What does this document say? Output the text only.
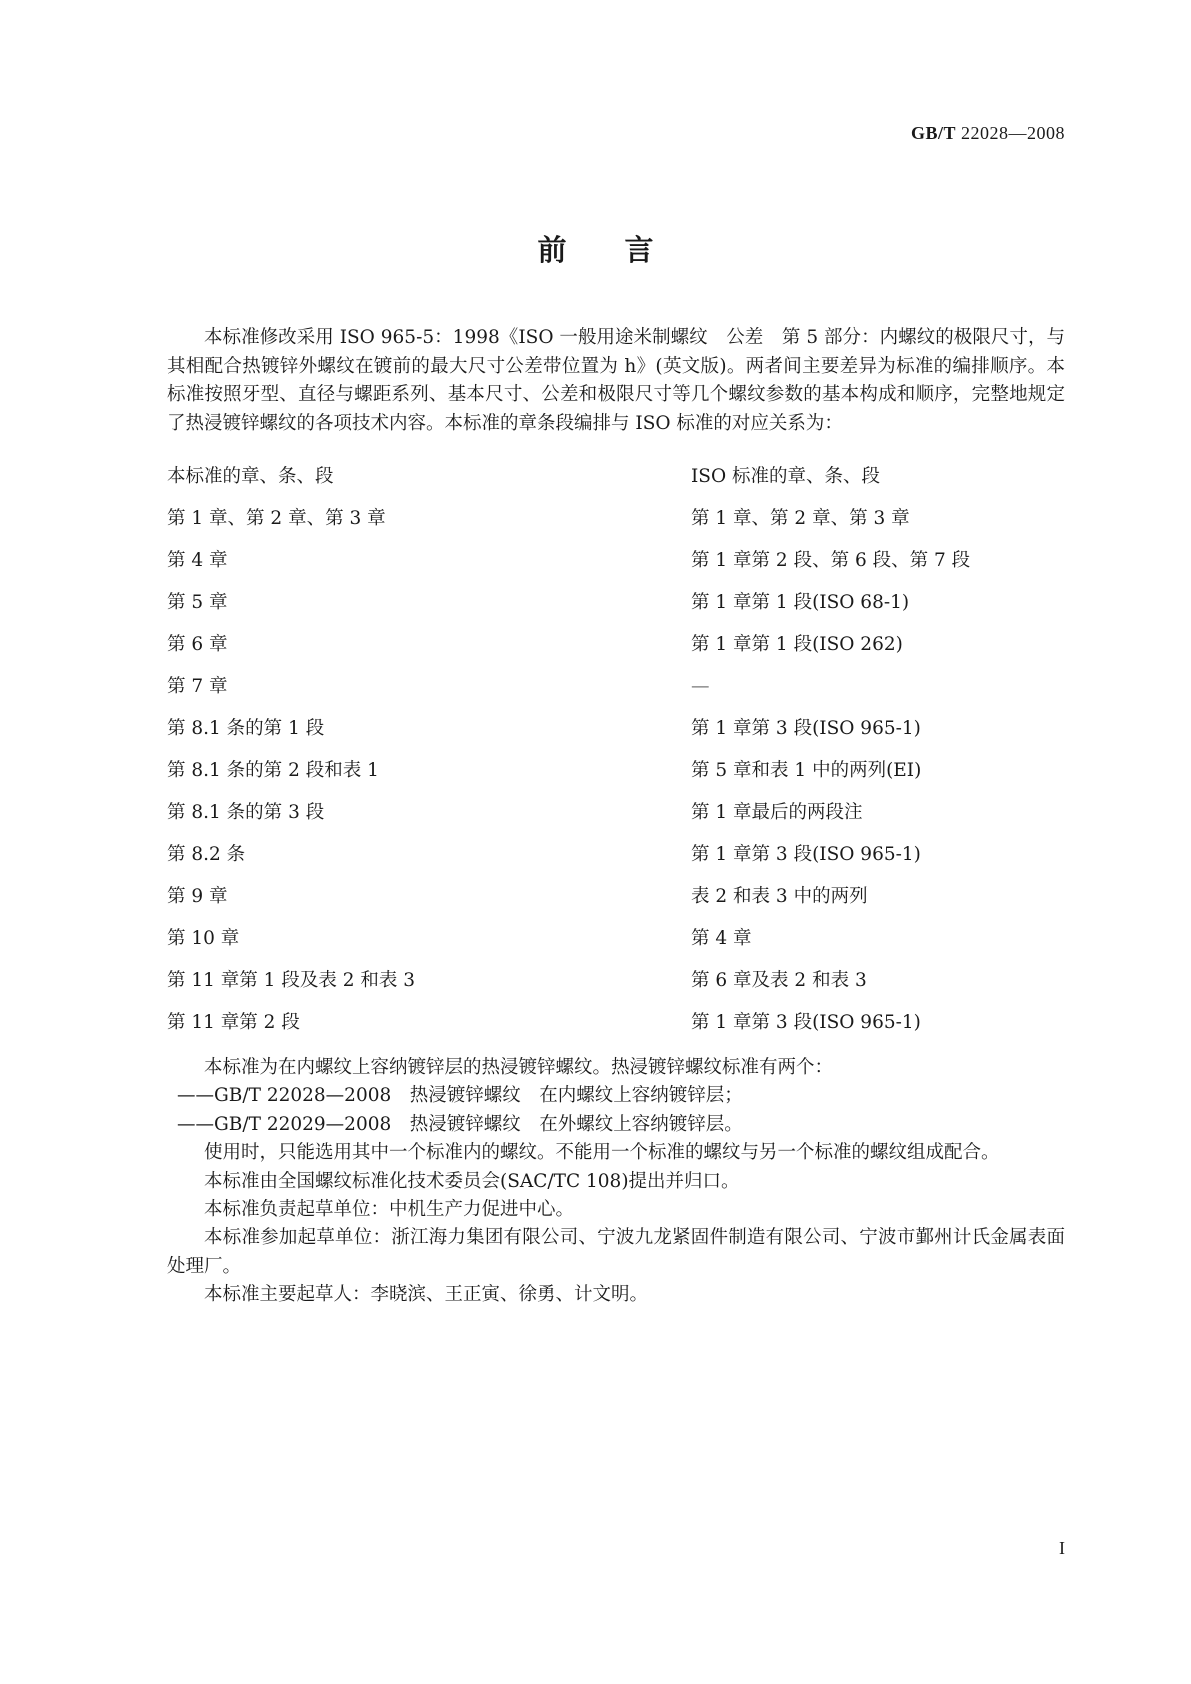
GB/T 22028—2008
前言

本标准修改采用 ISO 965-5：1998《ISO 一般用途米制螺纹　公差　第 5 部分：内螺纹的极限尺寸，与其相配合热镀锌外螺纹在镀前的最大尺寸公差带位置为 h》(英文版)。两者间主要差异为标准的编排顺序。本标准按照牙型、直径与螺距系列、基本尺寸、公差和极限尺寸等几个螺纹参数的基本构成和顺序，完整地规定了热浸镀锌螺纹的各项技术内容。本标准的章条段编排与 ISO 标准的对应关系为：

本标准的章、条、段	ISO 标准的章、条、段
第 1 章、第 2 章、第 3 章	第 1 章、第 2 章、第 3 章
第 4 章	第 1 章第 2 段、第 6 段、第 7 段
第 5 章	第 1 章第 1 段(ISO 68-1)
第 6 章	第 1 章第 1 段(ISO 262)
第 7 章	—
第 8.1 条的第 1 段	第 1 章第 3 段(ISO 965-1)
第 8.1 条的第 2 段和表 1	第 5 章和表 1 中的两列(EI)
第 8.1 条的第 3 段	第 1 章最后的两段注
第 8.2 条	第 1 章第 3 段(ISO 965-1)
第 9 章	表 2 和表 3 中的两列
第 10 章	第 4 章
第 11 章第 1 段及表 2 和表 3	第 6 章及表 2 和表 3
第 11 章第 2 段	第 1 章第 3 段(ISO 965-1)

本标准为在内螺纹上容纳镀锌层的热浸镀锌螺纹。热浸镀锌螺纹标准有两个：

——GB/T 22028—2008　热浸镀锌螺纹　在内螺纹上容纳镀锌层；

——GB/T 22029—2008　热浸镀锌螺纹　在外螺纹上容纳镀锌层。

使用时，只能选用其中一个标准内的螺纹。不能用一个标准的螺纹与另一个标准的螺纹组成配合。

本标准由全国螺纹标准化技术委员会(SAC/TC 108)提出并归口。

本标准负责起草单位：中机生产力促进中心。

本标准参加起草单位：浙江海力集团有限公司、宁波九龙紧固件制造有限公司、宁波市鄞州计氏金属表面处理厂。

本标准主要起草人：李晓滨、王正寅、徐勇、计文明。

I
